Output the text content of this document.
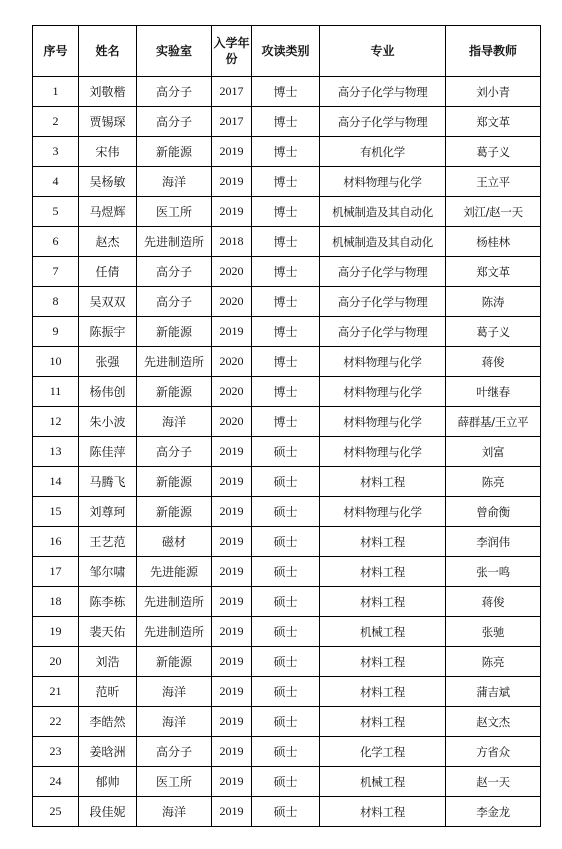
序号	姓名	实验室	入学年份	攻读类别	专业	指导教师
1	刘敬楷	高分子	2017	博士	高分子化学与物理	刘小青
2	贾锡琛	高分子	2017	博士	高分子化学与物理	郑文革
3	宋伟	新能源	2019	博士	有机化学	葛子义
4	吴杨敏	海洋	2019	博士	材料物理与化学	王立平
5	马煜辉	医工所	2019	博士	机械制造及其自动化	刘江/赵一天
6	赵杰	先进制造所	2018	博士	机械制造及其自动化	杨桂林
7	任倩	高分子	2020	博士	高分子化学与物理	郑文革
8	吴双双	高分子	2020	博士	高分子化学与物理	陈涛
9	陈振宇	新能源	2019	博士	高分子化学与物理	葛子义
10	张强	先进制造所	2020	博士	材料物理与化学	蒋俊
11	杨伟创	新能源	2020	博士	材料物理与化学	叶继春
12	朱小波	海洋	2020	博士	材料物理与化学	薛群基/王立平
13	陈佳萍	高分子	2019	硕士	材料物理与化学	刘富
14	马腾飞	新能源	2019	硕士	材料工程	陈亮
15	刘尊珂	新能源	2019	硕士	材料物理与化学	曾俞衡
16	王艺范	磁材	2019	硕士	材料工程	李润伟
17	邹尔啸	先进能源	2019	硕士	材料工程	张一鸣
18	陈李栋	先进制造所	2019	硕士	材料工程	蒋俊
19	裴天佑	先进制造所	2019	硕士	机械工程	张驰
20	刘浩	新能源	2019	硕士	材料工程	陈亮
21	范昕	海洋	2019	硕士	材料工程	蒲吉斌
22	李皓然	海洋	2019	硕士	材料工程	赵文杰
23	姜晗洲	高分子	2019	硕士	化学工程	方省众
24	郁帅	医工所	2019	硕士	机械工程	赵一天
25	段佳妮	海洋	2019	硕士	材料工程	李金龙
